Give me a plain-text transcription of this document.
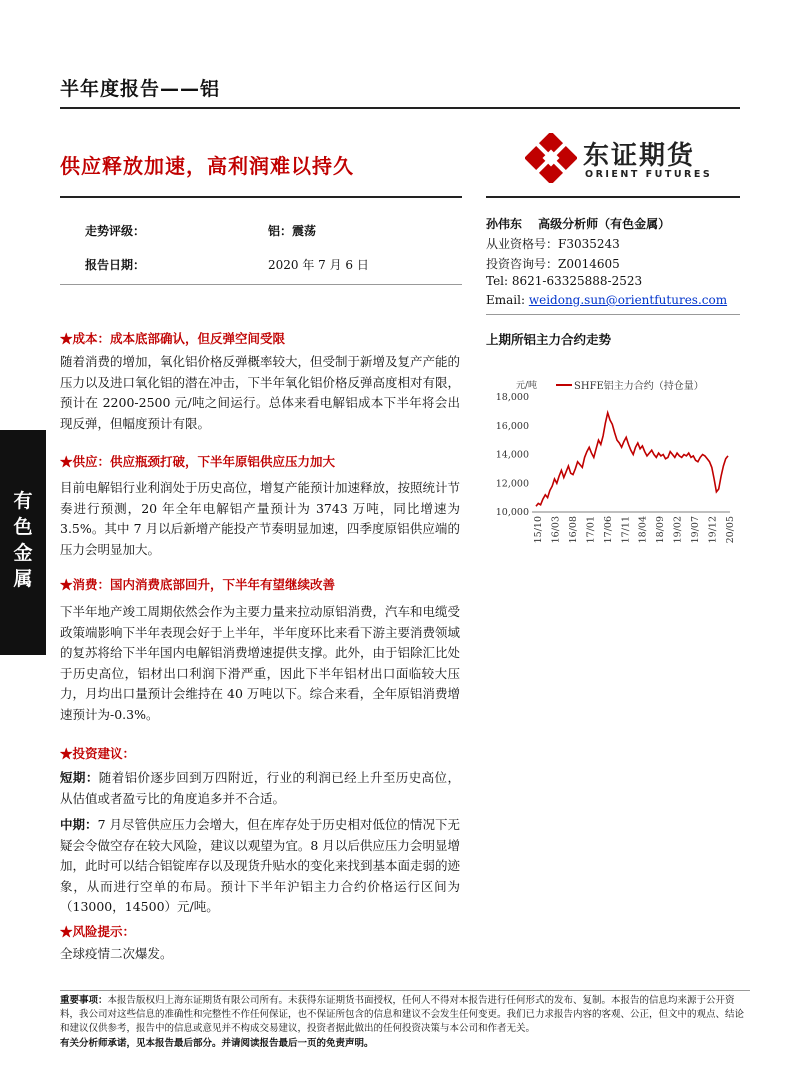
半年度报告——铝
供应释放加速，高利润难以持久	东证期货
ORIENT FUTURES
走势评级：	铝：震荡
报告日期：	2020 年 7 月 6 日
孙伟东　 高级分析师（有色金属）
从业资格号：F3035243
投资咨询号：Z0014605
Tel: 8621-63325888-2523
Email: weidong.sun@orientfutures.com
有
色
金
属
★成本：成本底部确认，但反弹空间受限
随着消费的增加，氧化铝价格反弹概率较大，但受制于新增及复产产能的压力以及进口氧化铝的潜在冲击，下半年氧化铝价格反弹高度相对有限，预计在 2200-2500 元/吨之间运行。总体来看电解铝成本下半年将会出现反弹，但幅度预计有限。
★供应：供应瓶颈打破，下半年原铝供应压力加大
目前电解铝行业利润处于历史高位，增复产能预计加速释放，按照统计节奏进行预测，20 年全年电解铝产量预计为 3743 万吨，同比增速为 3.5%。其中 7 月以后新增产能投产节奏明显加速，四季度原铝供应端的压力会明显加大。
★消费：国内消费底部回升，下半年有望继续改善
下半年地产竣工周期依然会作为主要力量来拉动原铝消费，汽车和电缆受政策端影响下半年表现会好于上半年，半年度环比来看下游主要消费领域的复苏将给下半年国内电解铝消费增速提供支撑。此外，由于铝除汇比处于历史高位，铝材出口利润下滑严重，因此下半年铝材出口面临较大压力，月均出口量预计会维持在 40 万吨以下。综合来看，全年原铝消费增速预计为-0.3%。
★投资建议：
短期：随着铝价逐步回到万四附近，行业的利润已经上升至历史高位，从估值或者盈亏比的角度追多并不合适。
中期：7 月尽管供应压力会增大，但在库存处于历史相对低位的情况下无疑会令做空存在较大风险，建议以观望为宜。8 月以后供应压力会明显增加，此时可以结合铝锭库存以及现货升贴水的变化来找到基本面走弱的迹象，从而进行空单的布局。预计下半年沪铝主力合约价格运行区间为（13000，14500）元/吨。
★风险提示：
全球疫情二次爆发。
上期所铝主力合约走势
元/吨	SHFE铝主力合约（持仓量）
18,000
16,000
14,000
12,000
10,000
15/10 16/03 16/08 17/01 17/06 17/11 18/04 18/09 19/02 19/07 19/12 20/05
重要事项：本报告版权归上海东证期货有限公司所有。未获得东证期货书面授权，任何人不得对本报告进行任何形式的发布、复制。本报告的信息均来源于公开资料，我公司对这些信息的准确性和完整性不作任何保证，也不保证所包含的信息和建议不会发生任何变更。我们已力求报告内容的客观、公正，但文中的观点、结论和建议仅供参考，报告中的信息或意见并不构成交易建议，投资者据此做出的任何投资决策与本公司和作者无关。
有关分析师承诺，见本报告最后部分。并请阅读报告最后一页的免责声明。
